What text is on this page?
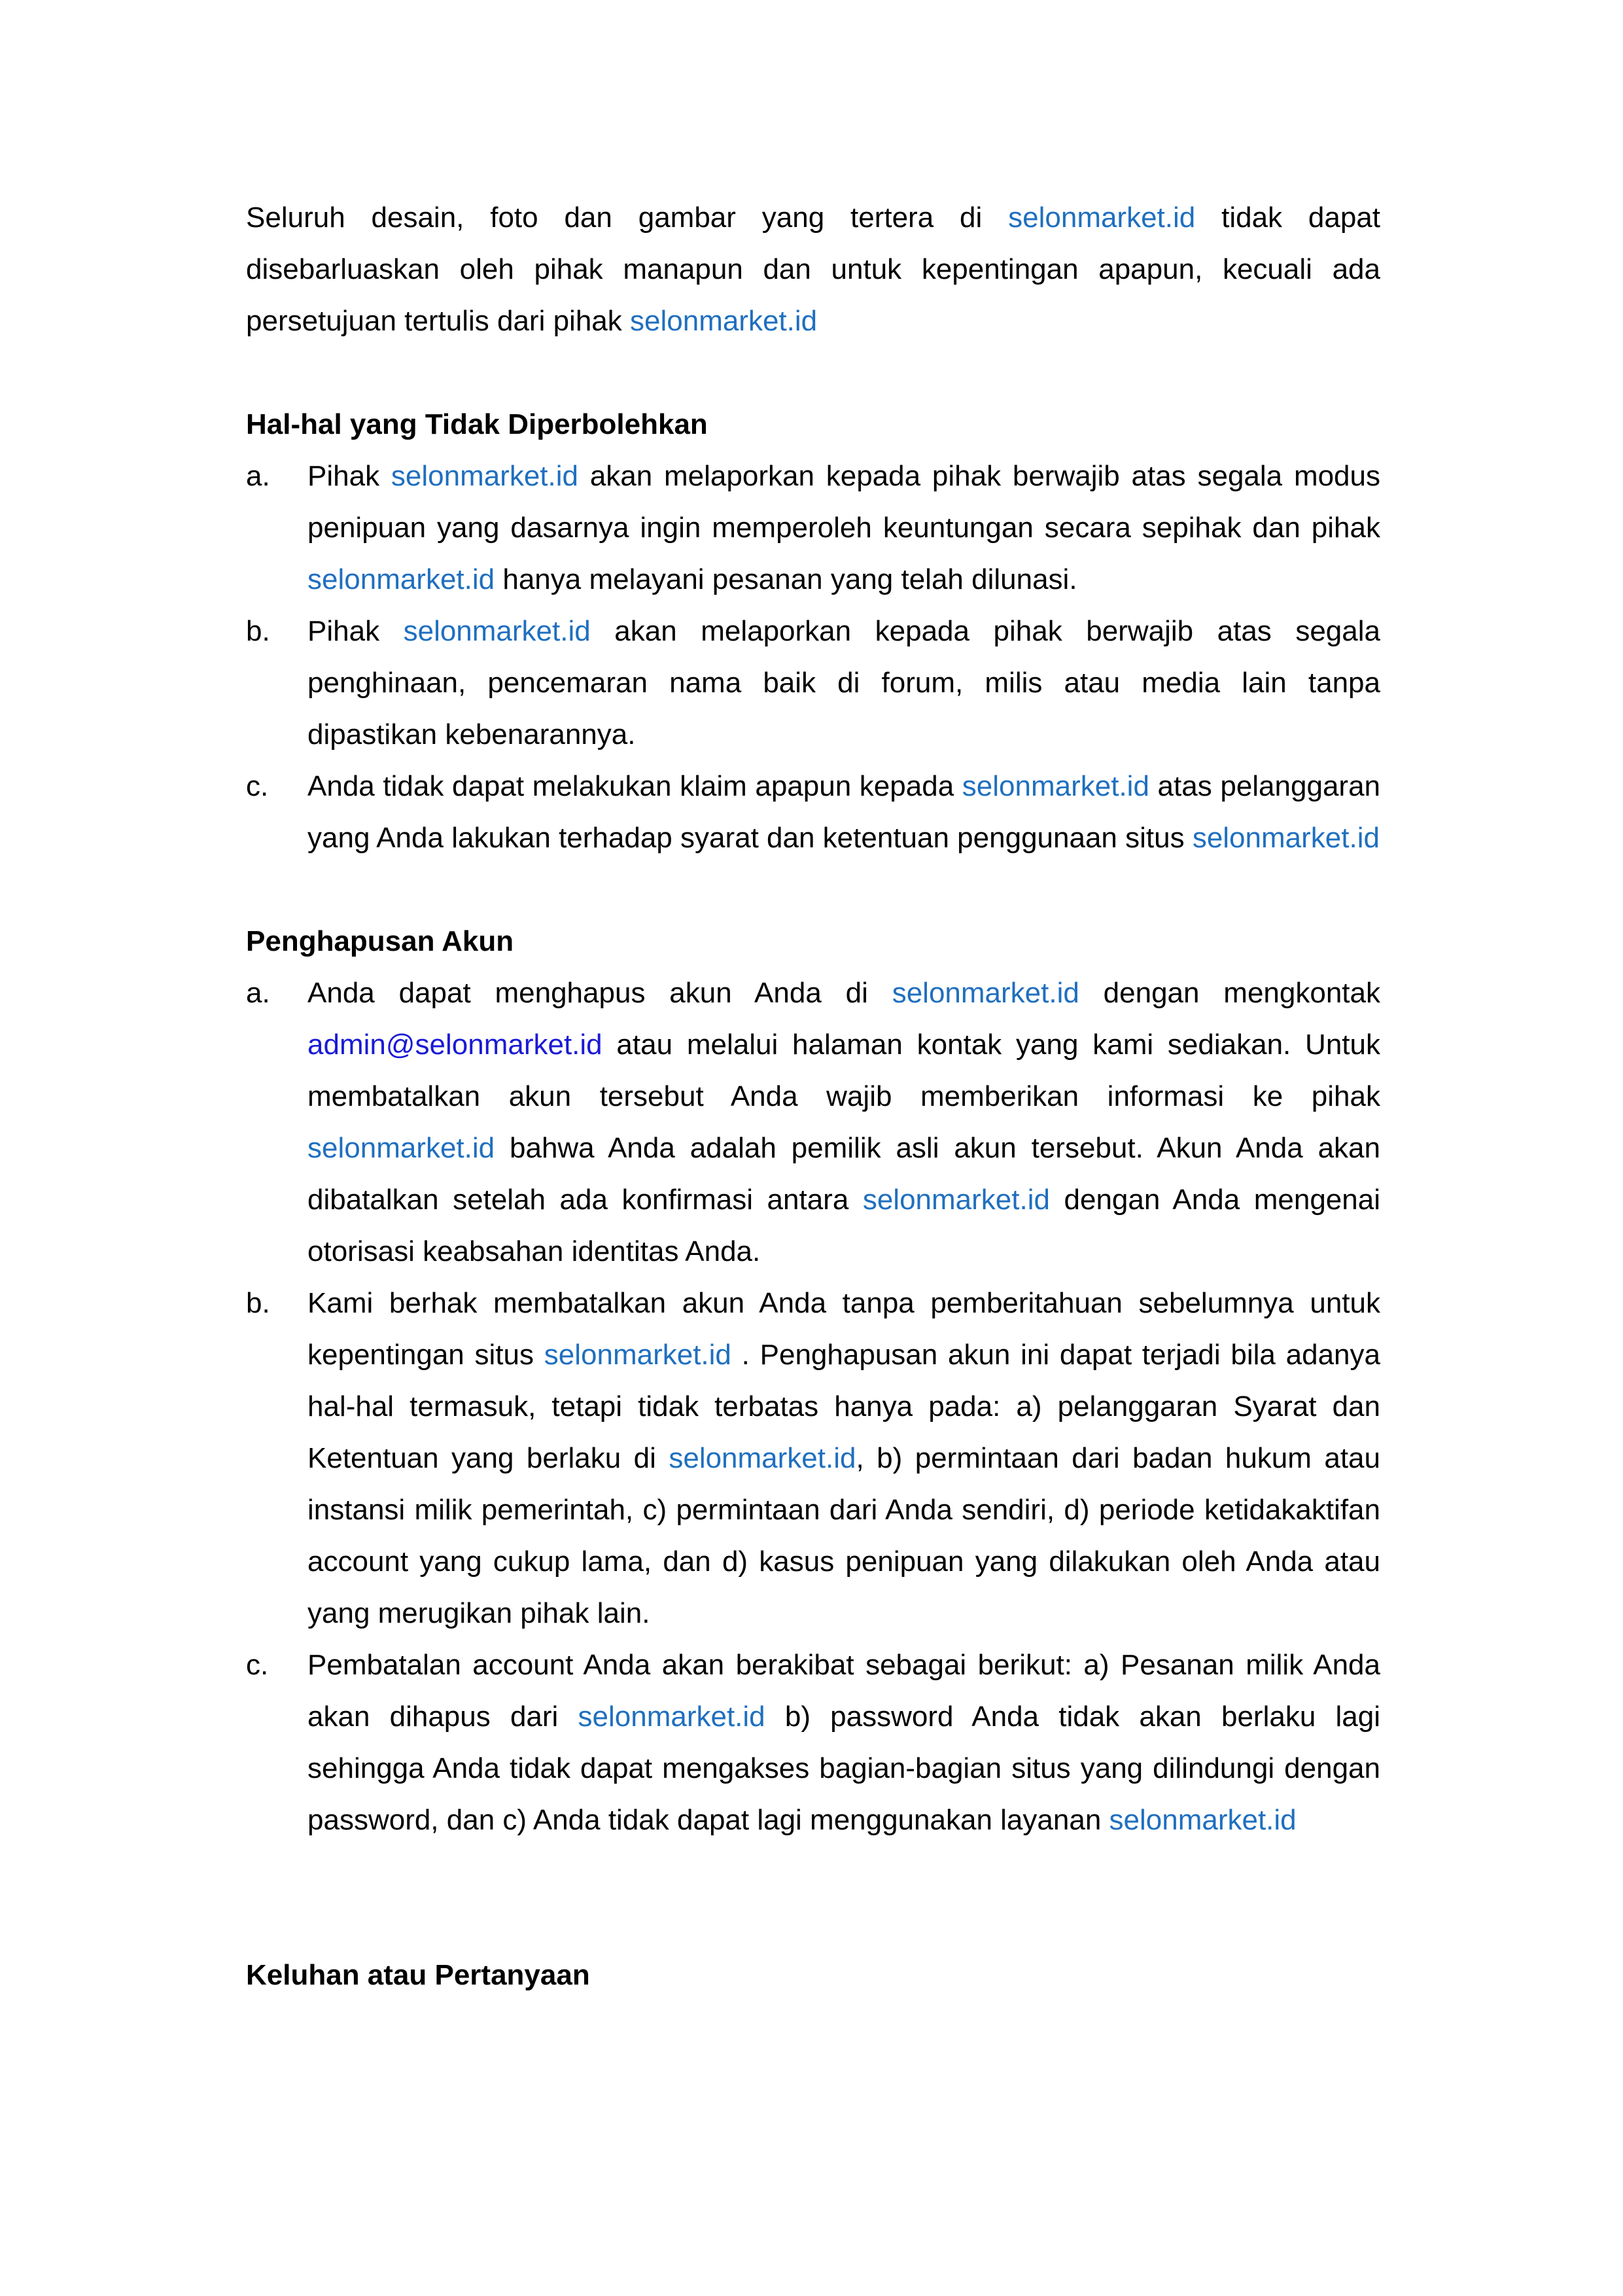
Seluruh desain, foto dan gambar yang tertera di selonmarket.id tidak dapat disebarluaskan oleh pihak manapun dan untuk kepentingan apapun, kecuali ada persetujuan tertulis dari pihak selonmarket.id

Hal-hal yang Tidak Diperbolehkan

a. Pihak selonmarket.id akan melaporkan kepada pihak berwajib atas segala modus penipuan yang dasarnya ingin memperoleh keuntungan secara sepihak dan pihak selonmarket.id hanya melayani pesanan yang telah dilunasi.
b. Pihak selonmarket.id akan melaporkan kepada pihak berwajib atas segala penghinaan, pencemaran nama baik di forum, milis atau media lain tanpa dipastikan kebenarannya.
c. Anda tidak dapat melakukan klaim apapun kepada selonmarket.id atas pelanggaran yang Anda lakukan terhadap syarat dan ketentuan penggunaan situs selonmarket.id

Penghapusan Akun

a. Anda dapat menghapus akun Anda di selonmarket.id dengan mengkontak admin@selonmarket.id atau melalui halaman kontak yang kami sediakan. Untuk membatalkan akun tersebut Anda wajib memberikan informasi ke pihak selonmarket.id bahwa Anda adalah pemilik asli akun tersebut. Akun Anda akan dibatalkan setelah ada konfirmasi antara selonmarket.id dengan Anda mengenai otorisasi keabsahan identitas Anda.
b. Kami berhak membatalkan akun Anda tanpa pemberitahuan sebelumnya untuk kepentingan situs selonmarket.id . Penghapusan akun ini dapat terjadi bila adanya hal-hal termasuk, tetapi tidak terbatas hanya pada: a) pelanggaran Syarat dan Ketentuan yang berlaku di selonmarket.id, b) permintaan dari badan hukum atau instansi milik pemerintah, c) permintaan dari Anda sendiri, d) periode ketidakaktifan account yang cukup lama, dan d) kasus penipuan yang dilakukan oleh Anda atau yang merugikan pihak lain.
c. Pembatalan account Anda akan berakibat sebagai berikut: a) Pesanan milik Anda akan dihapus dari selonmarket.id b) password Anda tidak akan berlaku lagi sehingga Anda tidak dapat mengakses bagian-bagian situs yang dilindungi dengan password, dan c) Anda tidak dapat lagi menggunakan layanan selonmarket.id

Keluhan atau Pertanyaan
